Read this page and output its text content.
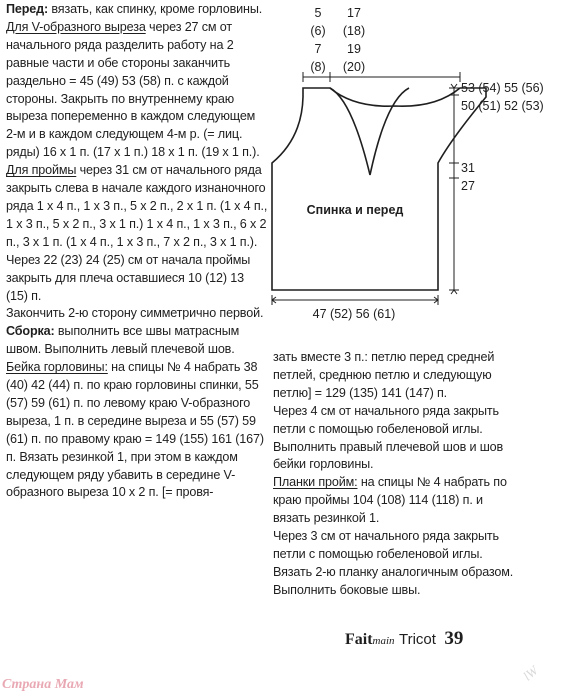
Перед: вязать, как спинку, кроме горловины.

Для V-образного выреза через 27 см от начального ряда разделить работу на 2 равные части и обе стороны заканчить раздельно = 45 (49) 53 (58) п. с каждой стороны. Закрыть по внутреннему краю выреза попеременно в каждом следующем 2-м и в каждом следующем 4-м р. (= лиц. ряды) 16 х 1 п. (17 х 1 п.) 18 х 1 п. (19 х 1 п.).

Для проймы через 31 см от начального ряда закрыть слева в начале каждого изнаночного ряда 1 х 4 п., 1 х 3 п., 5 х 2 п., 2 х 1 п. (1 х 4 п., 1 х 3 п., 5 х 2 п., 3 х 1 п.) 1 х 4 п., 1 х 3 п., 6 х 2 п., 3 х 1 п. (1 х 4 п., 1 х 3 п., 7 х 2 п., 3 х 1 п.).

Через 22 (23) 24 (25) см от начала проймы закрыть для плеча оставшиеся 10 (12) 13 (15) п.

Закончить 2-ю сторону симметрично первой.

Сборка: выполнить все швы матрасным швом. Выполнить левый плечевой шов.

Бейка горловины: на спицы № 4 набрать 38 (40) 42 (44) п. по краю горловины спинки, 55 (57) 59 (61) п. по левому краю V-образного выреза, 1 п. в середине выреза и 55 (57) 59 (61) п. по правому краю = 149 (155) 161 (167) п. Вязать резинкой 1, при этом в каждом следующем ряду убавить в середине V-образного выреза 10 х 2 п. [= провя-

зать вместе 3 п.: петлю перед средней петлей, среднюю петлю и следующую петлю] = 129 (135) 141 (147) п.

Через 4 см от начального ряда закрыть петли с помощью гобеленовой иглы. Выполнить правый плечевой шов и шов бейки горловины.

Планки пройм: на спицы № 4 набрать по краю проймы 104 (108) 114 (118) п. и вязать резинкой 1.

Через 3 см от начального ряда закрыть петли с помощью гобеленовой иглы. Вязать 2-ю планку аналогичным образом.

Выполнить боковые швы.

5
(6)
7
(8)
17
(18)
19
(20)
53 (54) 55 (56)
50 (51) 52 (53)
31
27
Спинка и перед
47 (52) 56 (61)
Faitmain Tricot 39
Страна Мам
lW
